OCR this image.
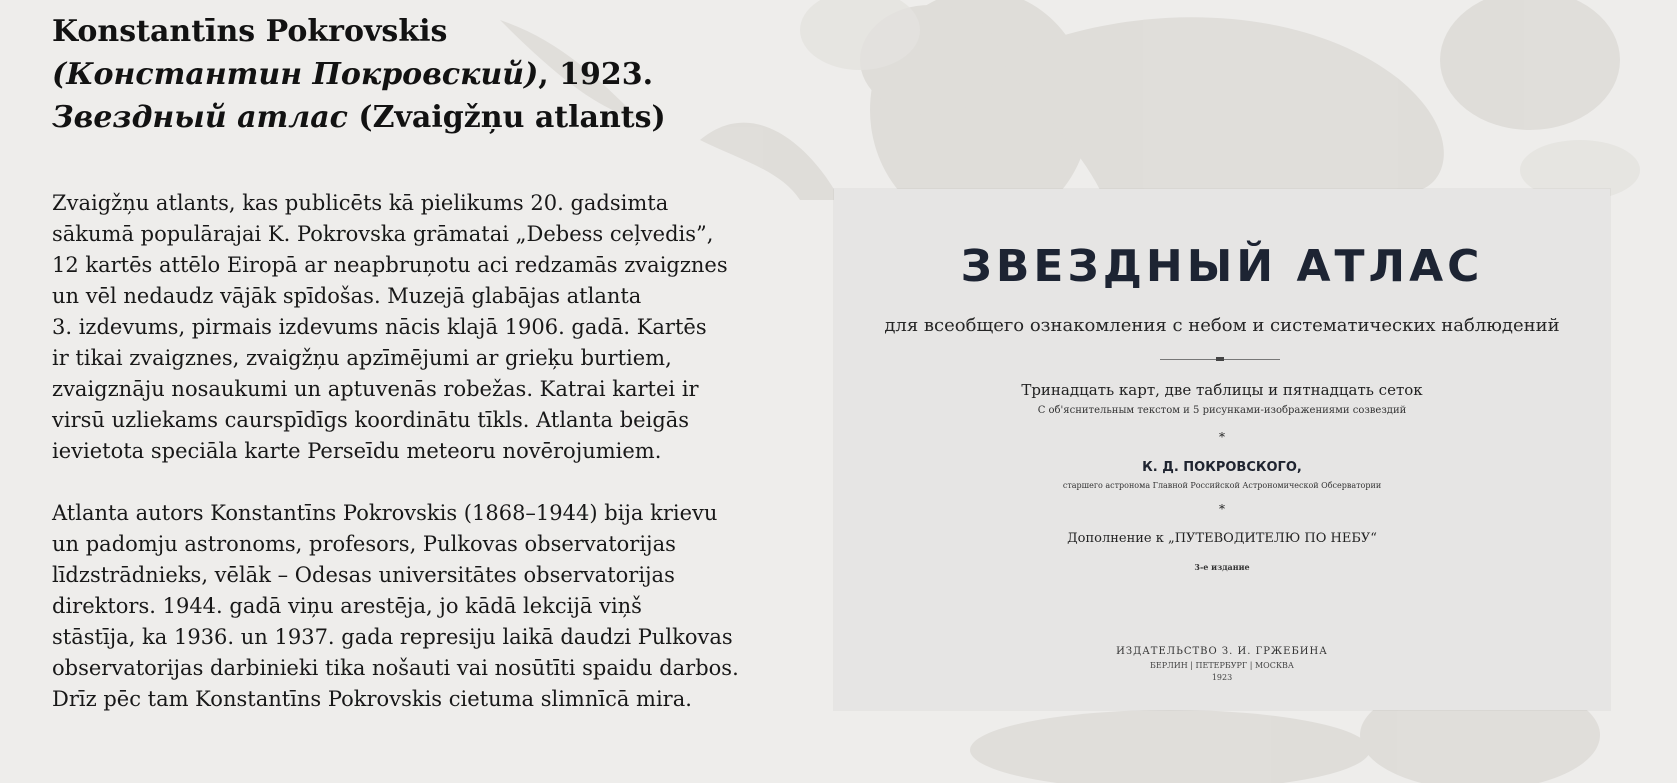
Konstantīns Pokrovskis
(Константин Покровский), 1923.
Звездный атлас (Zvaigžņu atlants)

Zvaigžņu atlants, kas publicēts kā pielikums 20. gadsimta
sākumā populārajai K. Pokrovska grāmatai „Debess ceļvedis”,
12 kartēs attēlo Eiropā ar neapbruņotu aci redzamās zvaigznes
un vēl nedaudz vājāk spīdošas. Muzejā glabājas atlanta
3. izdevums, pirmais izdevums nācis klajā 1906. gadā. Kartēs
ir tikai zvaigznes, zvaigžņu apzīmējumi ar grieķu burtiem,
zvaigznāju nosaukumi un aptuvenās robežas. Katrai kartei ir
virsū uzliekams caurspīdīgs koordinātu tīkls. Atlanta beigās
ievietota speciāla karte Perseīdu meteoru novērojumiem.

Atlanta autors Konstantīns Pokrovskis (1868–1944) bija krievu
un padomju astronoms, profesors, Pulkovas observatorijas
līdzstrādnieks, vēlāk – Odesas universitātes observatorijas
direktors. 1944. gadā viņu arestēja, jo kādā lekcijā viņš
stāstīja, ka 1936. un 1937. gada represiju laikā daudzi Pulkovas
observatorijas darbinieki tika nošauti vai nosūtīti spaidu darbos.
Drīz pēc tam Konstantīns Pokrovskis cietuma slimnīcā mira.

ЗВЕЗДНЫЙ АТЛАС
для всеобщего ознакомления с небом и систематических наблюдений
Тринадцать карт, две таблицы и пятнадцать сеток
С об'яснительным текстом и 5 рисунками-изображениями созвездий
*
К. Д. ПОКРОВСКОГО,
старшего астронома Главной Российской Астрономической Обсерватории
*
Дополнение к „ПУТЕВОДИТЕЛЮ ПО НЕБУ“
3-е издание
ИЗДАТЕЛЬСТВО З. И. ГРЖЕБИНА
БЕРЛИН | ПЕТЕРБУРГ | МОСКВА
1923
